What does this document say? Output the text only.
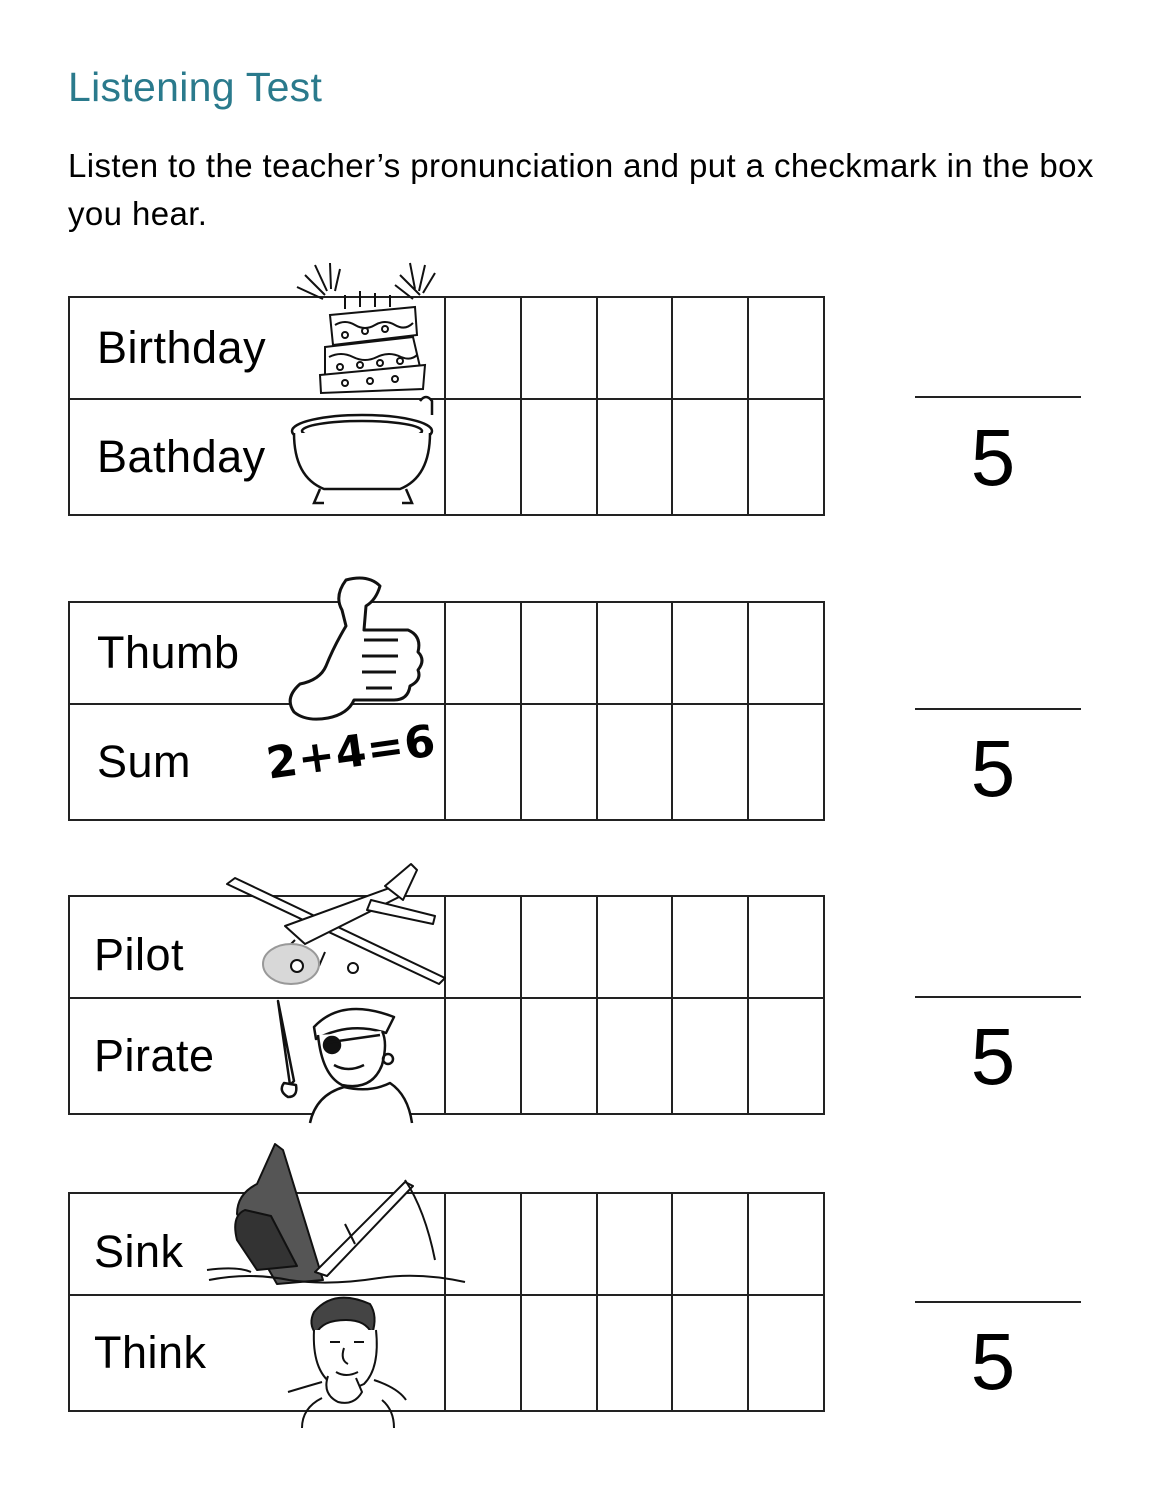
Listening Test
Listen to the teacher’s pronunciation and put a checkmark in the box you hear.
Birthday
Bathday	5
Thumb
Sum 2+4=6	5
Pilot
Pirate	5
Sink
Think	5
